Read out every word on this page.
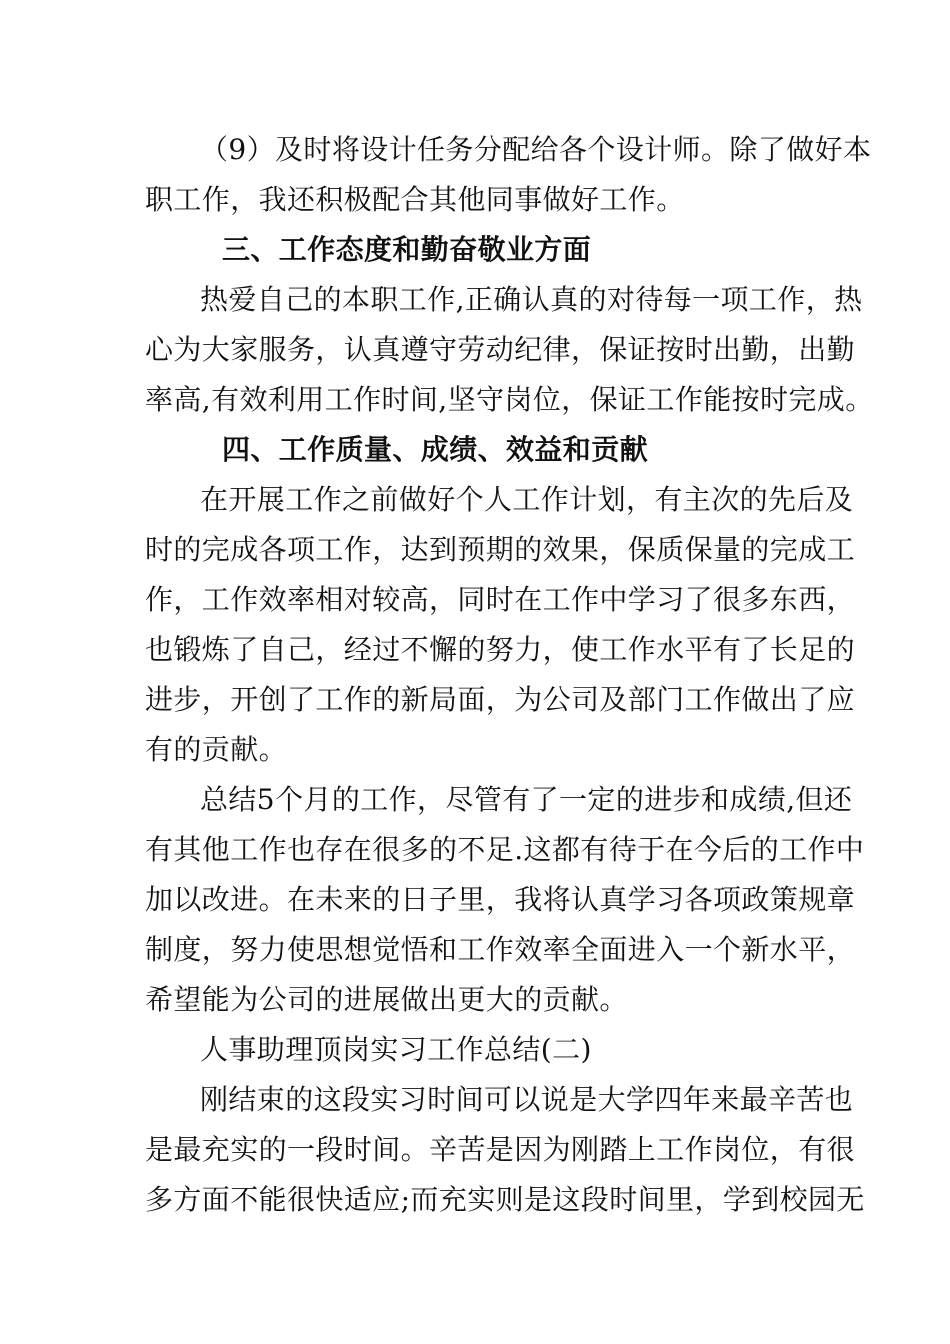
（9）及时将设计任务分配给各个设计师。除了做好本
职工作，我还积极配合其他同事做好工作。
三、工作态度和勤奋敬业方面
热爱自己的本职工作,正确认真的对待每一项工作，热
心为大家服务，认真遵守劳动纪律，保证按时出勤，出勤
率高,有效利用工作时间,坚守岗位，保证工作能按时完成。
四、工作质量、成绩、效益和贡献
在开展工作之前做好个人工作计划，有主次的先后及
时的完成各项工作，达到预期的效果，保质保量的完成工
作，工作效率相对较高，同时在工作中学习了很多东西，
也锻炼了自己，经过不懈的努力，使工作水平有了长足的
进步，开创了工作的新局面，为公司及部门工作做出了应
有的贡献。
总结5个月的工作，尽管有了一定的进步和成绩,但还
有其他工作也存在很多的不足.这都有待于在今后的工作中
加以改进。在未来的日子里，我将认真学习各项政策规章
制度，努力使思想觉悟和工作效率全面进入一个新水平，
希望能为公司的进展做出更大的贡献。
人事助理顶岗实习工作总结(二)
刚结束的这段实习时间可以说是大学四年来最辛苦也
是最充实的一段时间。辛苦是因为刚踏上工作岗位，有很
多方面不能很快适应;而充实则是这段时间里，学到校园无
